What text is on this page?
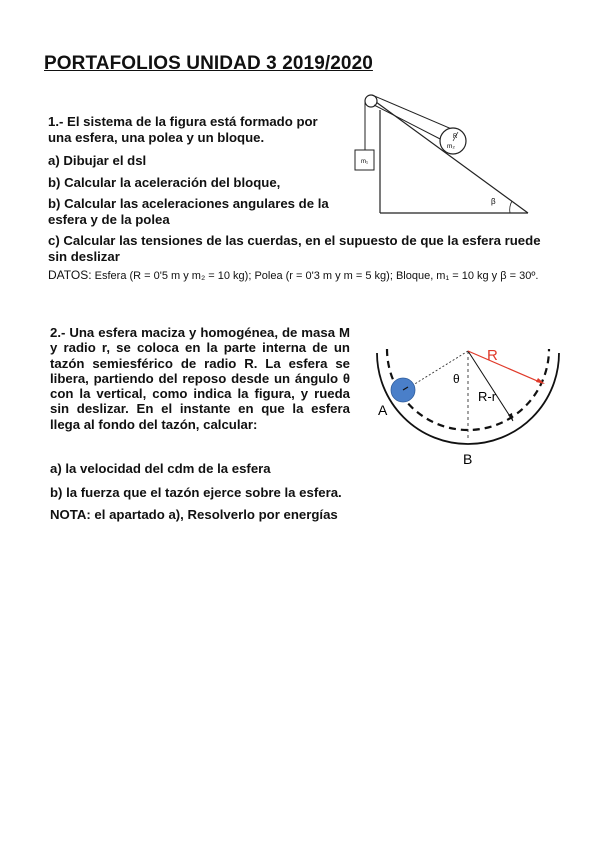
PORTAFOLIOS UNIDAD 3 2019/2020
1.- El sistema de la figura está formado por una esfera, una polea y un bloque.
a) Dibujar el dsl
b) Calcular la aceleración del bloque,
b) Calcular las aceleraciones angulares de la esfera y de la polea
c) Calcular las tensiones de las cuerdas, en el supuesto de que la esfera ruede sin deslizar
DATOS: Esfera (R = 0'5 m y m₂ = 10 kg); Polea (r = 0'3 m y m = 5 kg); Bloque, m₁ = 10 kg y β = 30º.
m₁
R
m₂
β
2.- Una esfera maciza y homogénea, de masa M y radio r, se coloca en la parte interna de un tazón semiesférico de radio R. La esfera se libera, partiendo del reposo desde un ángulo θ con la vertical, como indica la figura, y rueda sin deslizar. En el instante en que la esfera llega al fondo del tazón, calcular:
a) la velocidad del cdm de la esfera
b) la fuerza que el tazón ejerce sobre la esfera.
NOTA: el apartado a), Resolverlo por energías
R
θ
R-r
A
B
